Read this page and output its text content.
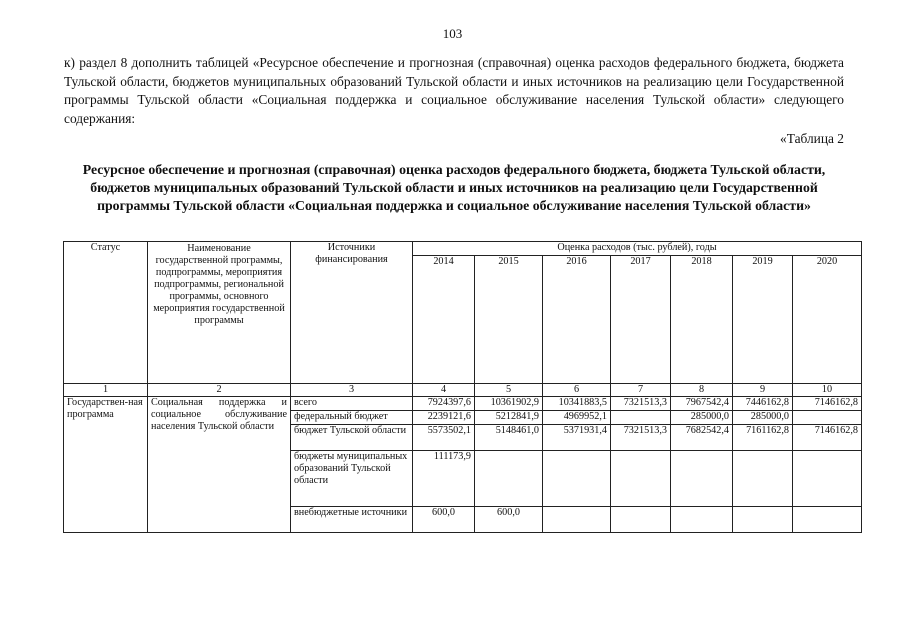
103
к) раздел 8 дополнить таблицей «Ресурсное обеспечение и прогнозная (справочная) оценка расходов федерального бюджета, бюджета Тульской области, бюджетов муниципальных образований Тульской области и иных источников на реализацию цели Государственной программы Тульской области «Социальная поддержка и социальное обслуживание населения Тульской области» следующего содержания:
«Таблица 2
Ресурсное обеспечение и прогнозная (справочная) оценка расходов федерального бюджета, бюджета Тульской области, бюджетов муниципальных образований Тульской области и иных источников на реализацию цели Государственной программы Тульской области «Социальная поддержка и социальное обслуживание населения Тульской области»
Статус	Наименование государственной программы, подпрограммы, мероприятия подпрограммы, региональной программы, основного мероприятия государственной программы	Источники финансирования	Оценка расходов (тыс. рублей), годы						
			2014	2015	2016	2017	2018	2019	2020
1	2	3	4	5	6	7	8	9	10
Государствен-ная программа	Социальная поддержка и социальное обслуживание населения Тульской области	всего	7924397,6	10361902,9	10341883,5	7321513,3	7967542,4	7446162,8	7146162,8
		федеральный бюджет	2239121,6	5212841,9	4969952,1		285000,0	285000,0	
		бюджет Тульской области	5573502,1	5148461,0	5371931,4	7321513,3	7682542,4	7161162,8	7146162,8
		бюджеты муниципальных образований Тульской области	111173,9						
		внебюджетные источники	600,0	600,0					
